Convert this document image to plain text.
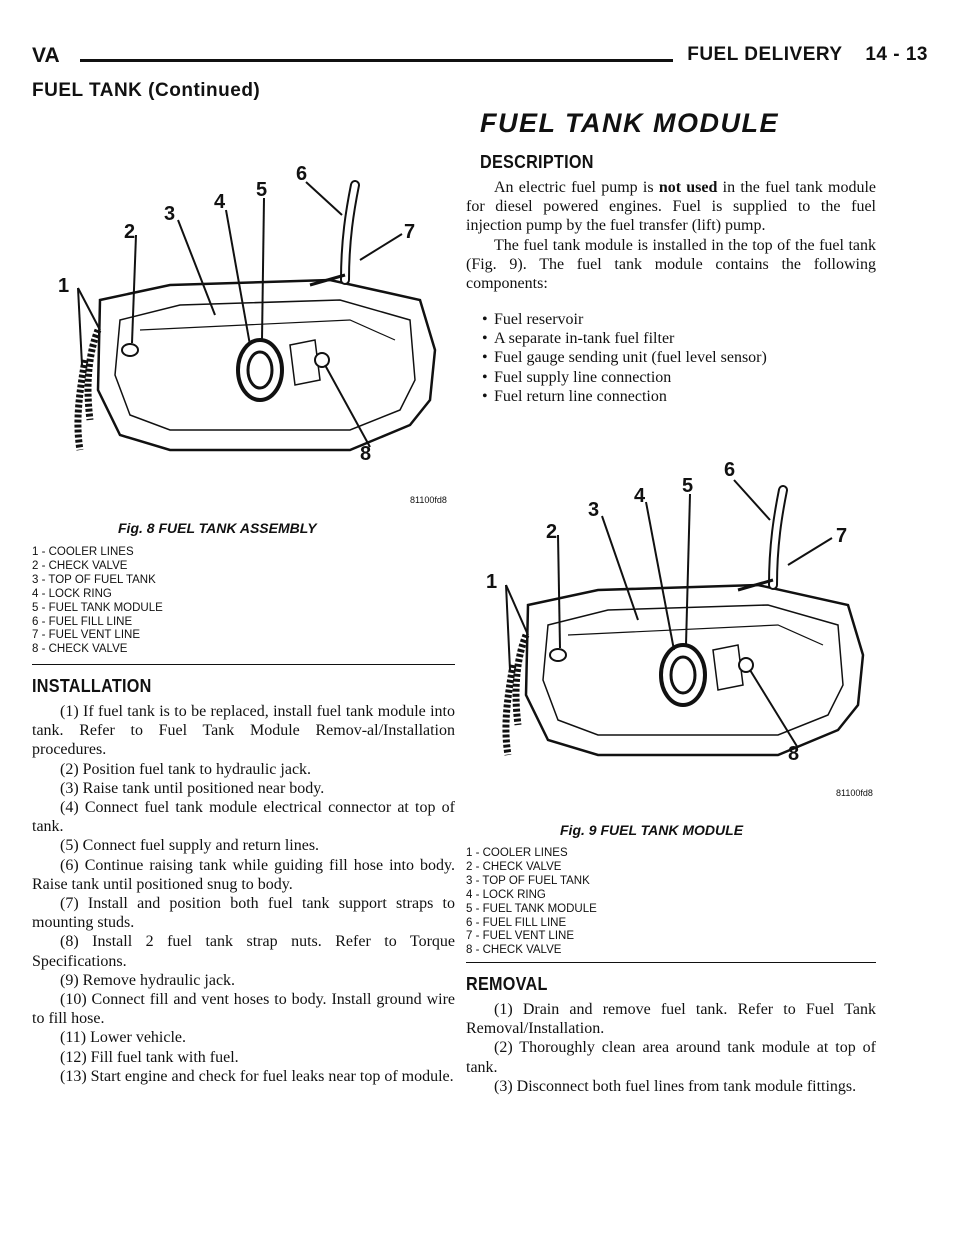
VA	FUEL DELIVERY    14 - 13
FUEL TANK (Continued)
1
2
3
4
5
6
7
8
81100fd8
Fig. 8 FUEL TANK ASSEMBLY
1 - COOLER LINES
2 - CHECK VALVE
3 - TOP OF FUEL TANK
4 - LOCK RING
5 - FUEL TANK MODULE
6 - FUEL FILL LINE
7 - FUEL VENT LINE
8 - CHECK VALVE
INSTALLATION

(1) If fuel tank is to be replaced, install fuel tank module into tank. Refer to Fuel Tank Module Remov-al/Installation procedures.

(2) Position fuel tank to hydraulic jack.

(3) Raise tank until positioned near body.

(4) Connect fuel tank module electrical connector at top of tank.

(5) Connect fuel supply and return lines.

(6) Continue raising tank while guiding fill hose into body. Raise tank until positioned snug to body.

(7) Install and position both fuel tank support straps to mounting studs.

(8) Install 2 fuel tank strap nuts. Refer to Torque Specifications.

(9) Remove hydraulic jack.

(10) Connect fill and vent hoses to body. Install ground wire to fill hose.

(11) Lower vehicle.

(12) Fill fuel tank with fuel.

(13) Start engine and check for fuel leaks near top of module.

FUEL TANK MODULE
DESCRIPTION

An electric fuel pump is not used in the fuel tank module for diesel powered engines. Fuel is supplied to the fuel injection pump by the fuel transfer (lift) pump.

The fuel tank module is installed in the top of the fuel tank (Fig. 9). The fuel tank module contains the following components:

• Fuel reservoir
• A separate in-tank fuel filter
• Fuel gauge sending unit (fuel level sensor)
• Fuel supply line connection
• Fuel return line connection
1
2
3
4 5
6
7
8
81100fd8
Fig. 9 FUEL TANK MODULE
1 - COOLER LINES
2 - CHECK VALVE
3 - TOP OF FUEL TANK
4 - LOCK RING
5 - FUEL TANK MODULE
6 - FUEL FILL LINE
7 - FUEL VENT LINE
8 - CHECK VALVE
REMOVAL

(1) Drain and remove fuel tank. Refer to Fuel Tank Removal/Installation.

(2) Thoroughly clean area around tank module at top of tank.

(3) Disconnect both fuel lines from tank module fittings.
